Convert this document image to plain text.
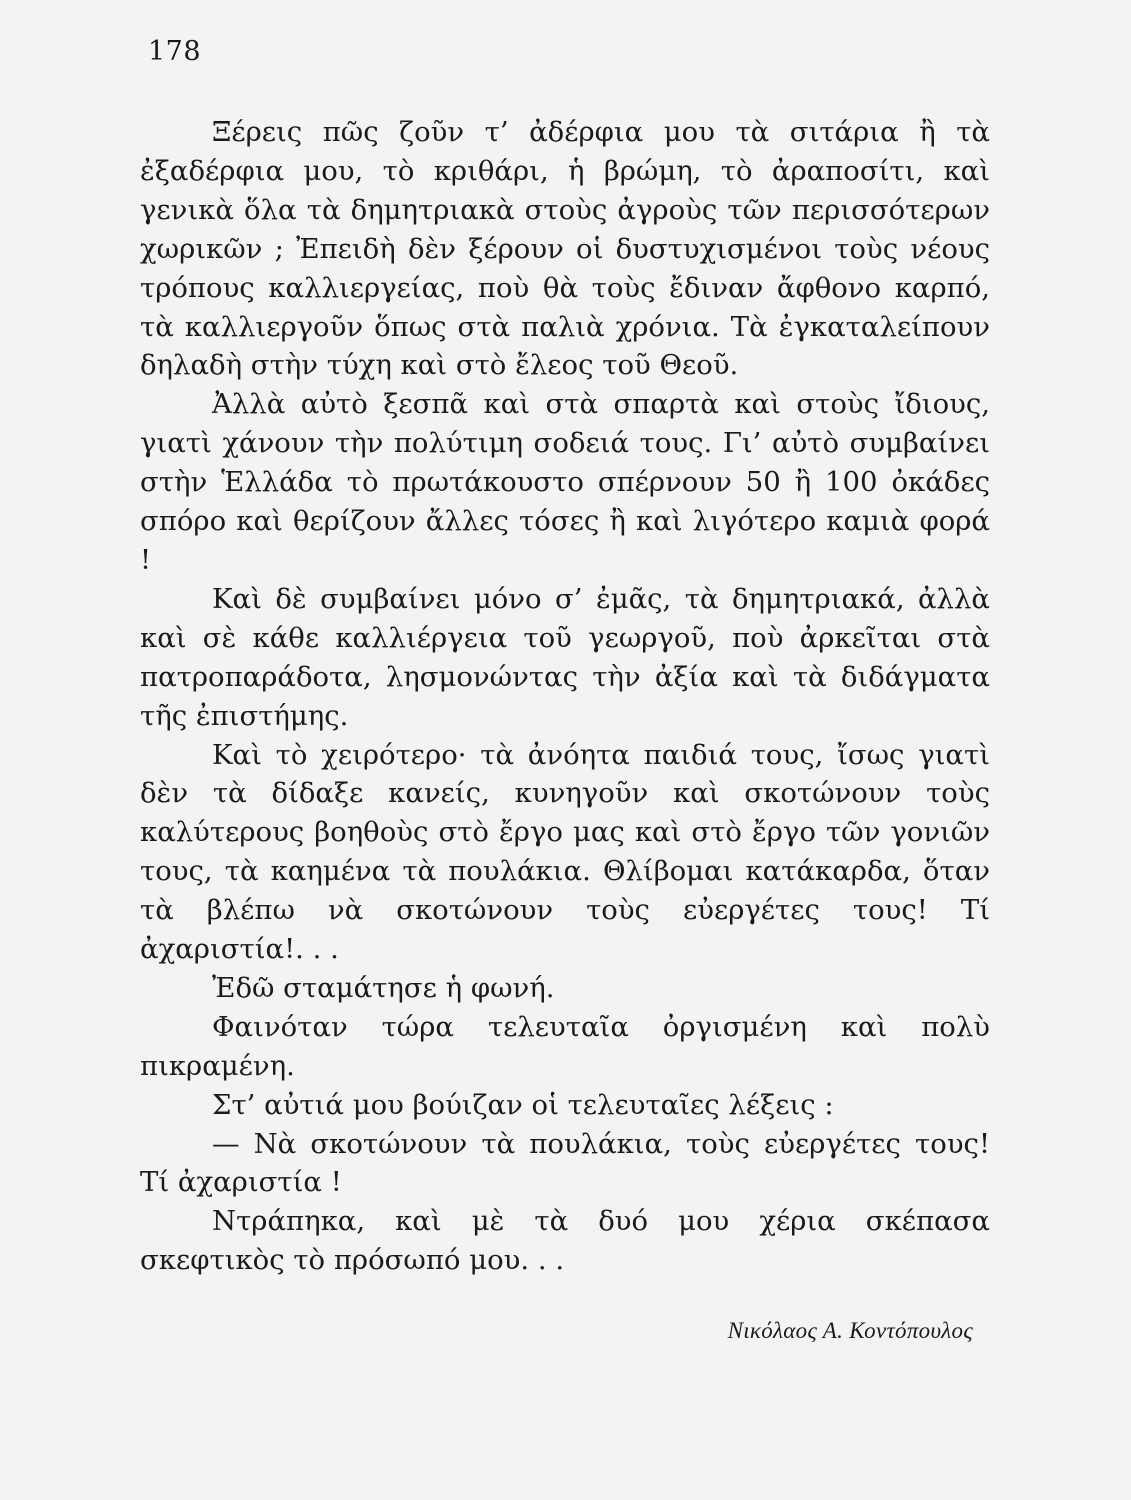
178

Ξέρεις πῶς ζοῦν τ’ ἀδέρφια μου τὰ σιτάρια ἢ τὰ ἐξαδέρφια μου, τὸ κριθάρι, ἡ βρώμη, τὸ ἀραποσίτι, καὶ γενικὰ ὅλα τὰ δημητριακὰ στοὺς ἀγροὺς τῶν περισσότερων χωρικῶν ; Ἐπειδὴ δὲν ξέρουν οἱ δυστυχισμένοι τοὺς νέους τρόπους καλλιεργείας, ποὺ θὰ τοὺς ἔδιναν ἄφθονο καρπό, τὰ καλλιεργοῦν ὅπως στὰ παλιὰ χρόνια. Τὰ ἐγκαταλείπουν δηλαδὴ στὴν τύχη καὶ στὸ ἔλεος τοῦ Θεοῦ.

Ἀλλὰ αὐτὸ ξεσπᾶ καὶ στὰ σπαρτὰ καὶ στοὺς ἴδιους, γιατὶ χάνουν τὴν πολύτιμη σοδειά τους. Γι’ αὐτὸ συμβαίνει στὴν Ἑλλάδα τὸ πρωτάκουστο σπέρνουν 50 ἢ 100 ὀκάδες σπόρο καὶ θερίζουν ἄλλες τόσες ἢ καὶ λιγότερο καμιὰ φορά !

Καὶ δὲ συμβαίνει μόνο σ’ ἐμᾶς, τὰ δημητριακά, ἀλλὰ καὶ σὲ κάθε καλλιέργεια τοῦ γεωργοῦ, ποὺ ἀρκεῖται στὰ πατροπαράδοτα, λησμονώντας τὴν ἀξία καὶ τὰ διδάγματα τῆς ἐπιστήμης.

Καὶ τὸ χειρότερο· τὰ ἀνόητα παιδιά τους, ἴσως γιατὶ δὲν τὰ δίδαξε κανείς, κυνηγοῦν καὶ σκοτώνουν τοὺς καλύτερους βοηθοὺς στὸ ἔργο μας καὶ στὸ ἔργο τῶν γονιῶν τους, τὰ καημένα τὰ πουλάκια. Θλίβομαι κατάκαρδα, ὅταν τὰ βλέπω νὰ σκοτώνουν τοὺς εὐεργέτες τους! Τί ἀχαριστία!. . .

Ἐδῶ σταμάτησε ἡ φωνή.

Φαινόταν τώρα τελευταῖα ὀργισμένη καὶ πολὺ πικραμένη.

Στ’ αὐτιά μου βούιζαν οἱ τελευταῖες λέξεις :

— Νὰ σκοτώνουν τὰ πουλάκια, τοὺς εὐεργέτες τους! Τί ἀχαριστία !

Ντράπηκα, καὶ μὲ τὰ δυό μου χέρια σκέπασα σκεφτικὸς τὸ πρόσωπό μου. . .

Νικόλαος Α. Κοντόπουλος
